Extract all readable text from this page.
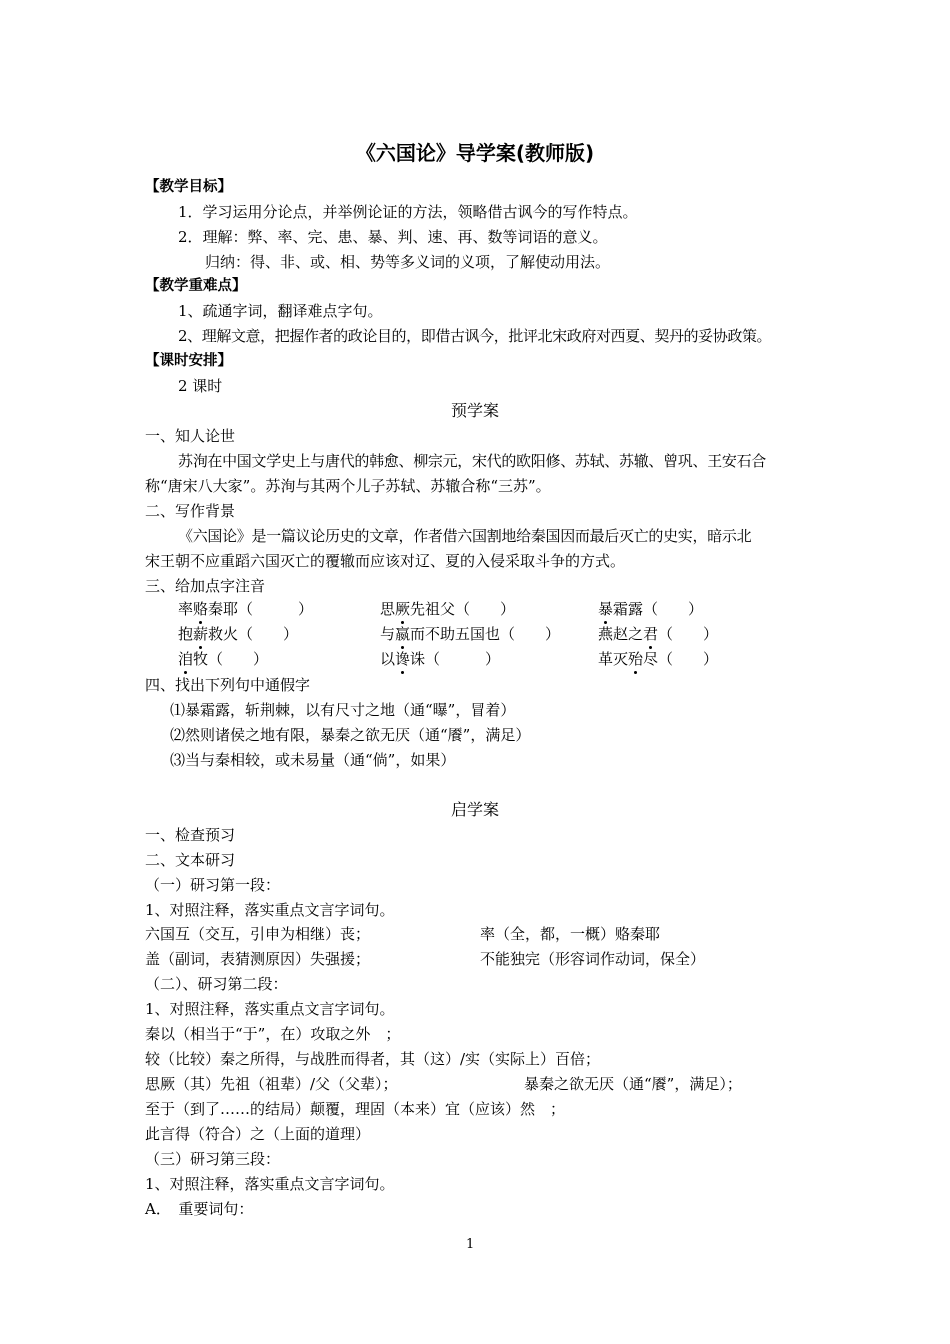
《六国论》导学案(教师版)
【教学目标】
1．学习运用分论点，并举例论证的方法，领略借古讽今的写作特点。
2．理解：弊、率、完、患、暴、判、速、再、数等词语的意义。
归纳：得、非、或、相、势等多义词的义项，了解使动用法。
【教学重难点】
1、疏通字词，翻译难点字句。
2、理解文意，把握作者的政论目的，即借古讽今，批评北宋政府对西夏、契丹的妥协政策。
【课时安排】
2 课时
预学案
一、知人论世
苏洵在中国文学史上与唐代的韩愈、柳宗元，宋代的欧阳修、苏轼、苏辙、曾巩、王安石合
称“唐宋八大家”。苏洵与其两个儿子苏轼、苏辙合称“三苏”。
二、写作背景
《六国论》是一篇议论历史的文章，作者借六国割地给秦国因而最后灭亡的史实，暗示北
宋王朝不应重蹈六国灭亡的覆辙而应该对辽、夏的入侵采取斗争的方式。
三、给加点字注音
率赂秦耶（　　　）	思厥先祖父（　　）	暴霜露（　　）
抱薪救火（　　）	与嬴而不助五国也（　　）	燕赵之君（　　）
洎牧（　　）	以谗诛（　　　）	革灭殆尽（　　）
四、找出下列句中通假字
⑴暴霜露，斩荆棘，以有尺寸之地（通“曝”，冒着）
⑵然则诸侯之地有限，暴秦之欲无厌（通“餍”，满足）
⑶当与秦相较，或未易量（通“倘”，如果）
启学案
一、检查预习
二、文本研习
（一）研习第一段：
1、对照注释，落实重点文言字词句。
六国互（交互，引申为相继）丧；	率（全，都，一概）赂秦耶
盖（副词，表猜测原因）失强援；	不能独完（形容词作动词，保全）
（二）、研习第二段：
1、对照注释，落实重点文言字词句。
秦以（相当于“于”，在）攻取之外　；
较（比较）秦之所得，与战胜而得者，其（这）/实（实际上）百倍；
思厥（其）先祖（祖辈）/父（父辈）；	暴秦之欲无厌（通“餍”，满足）；
至于（到了……的结局）颠覆，理固（本来）宜（应该）然　；
此言得（符合）之（上面的道理）
（三）研习第三段：
1、对照注释，落实重点文言字词句。
A．　重要词句：
1
